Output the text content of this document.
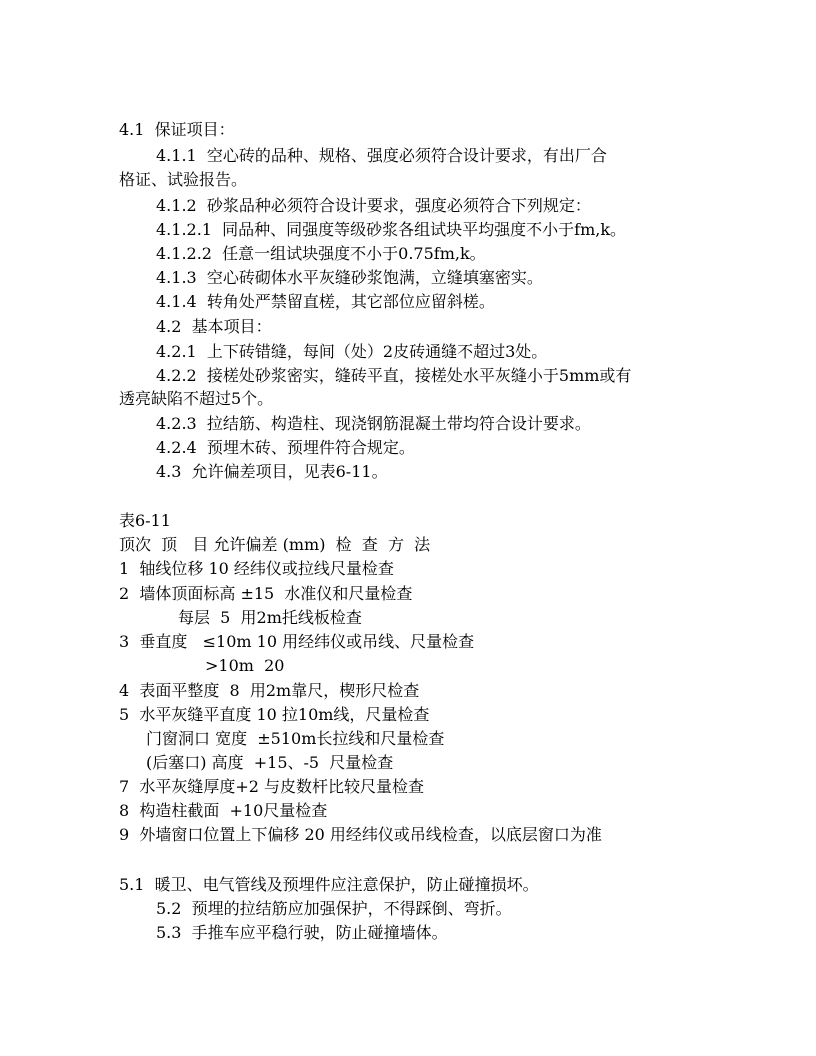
4.1  保证项目：
4.1.1  空心砖的品种、规格、强度必须符合设计要求，有出厂合
格证、试验报告。
4.1.2  砂浆品种必须符合设计要求，强度必须符合下列规定：
4.1.2.1  同品种、同强度等级砂浆各组试块平均强度不小于fm,k。
4.1.2.2  任意一组试块强度不小于0.75fm,k。
4.1.3  空心砖砌体水平灰缝砂浆饱满，立缝填塞密实。
4.1.4  转角处严禁留直槎，其它部位应留斜槎。
4.2  基本项目：
4.2.1  上下砖错缝，每间（处）2皮砖通缝不超过3处。
4.2.2  接槎处砂浆密实，缝砖平直，接槎处水平灰缝小于5mm或有
透亮缺陷不超过5个。
4.2.3  拉结筋、构造柱、现浇钢筋混凝土带均符合设计要求。
4.2.4  预埋木砖、预埋件符合规定。
4.3  允许偏差项目，见表6-11。
表6-11
顶次  顶   目 允许偏差 (mm)  检  查  方  法
1  轴线位移 10 经纬仪或拉线尺量检查
2  墙体顶面标高 ±15  水准仪和尺量检查
每层  5  用2m托线板检查
3  垂直度   ≤10m 10 用经纬仪或吊线、尺量检查
>10m  20
4  表面平整度  8  用2m靠尺，楔形尺检查
5  水平灰缝平直度 10 拉10m线，尺量检查
门窗洞口 宽度  ±510m长拉线和尺量检查
(后塞口) 高度  +15、-5  尺量检查
7  水平灰缝厚度+2 与皮数杆比较尺量检查
8  构造柱截面  +10尺量检查
9  外墙窗口位置上下偏移 20 用经纬仪或吊线检查，以底层窗口为准
5.1  暖卫、电气管线及预埋件应注意保护，防止碰撞损坏。
5.2  预埋的拉结筋应加强保护，不得踩倒、弯折。
5.3  手推车应平稳行驶，防止碰撞墙体。
